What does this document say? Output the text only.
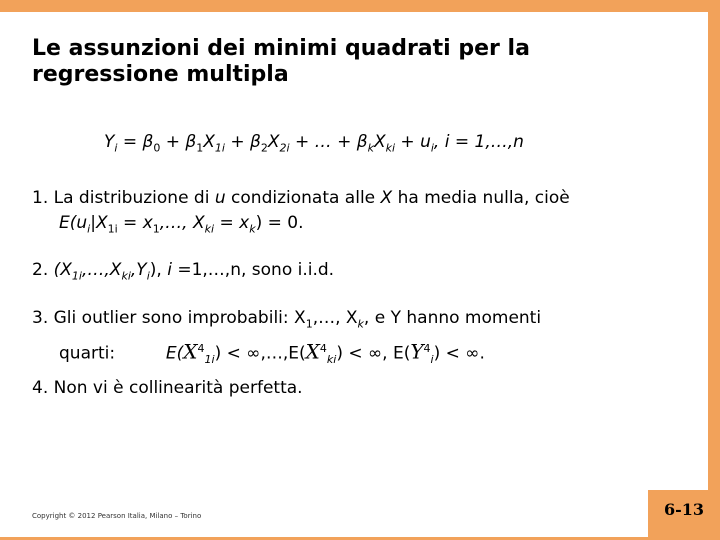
Le assunzioni dei minimi quadrati per la regressione multipla
$Y_i = \beta_0 + \beta_1X_{1i} + \beta_2X_{2i}$ + … + $\beta_kX_{ki} + u_i$, i = 1,…,n
1. La distribuzione di u condizionata alle X ha media nulla, cioè
$E(u_i|X_{1i}$ = $x_1,\dots$, $X_{ki} = x_k) = 0$.
2. $(X_{1i},\dots,X_{ki},Y_i)$, i =1,…,n, sono i.i.d.
3. Gli outlier sono improbabili: $X_1,\dots$, $X_k$, e Y hanno momenti
quarti:	$E(X^4_{1i})$ < $\infty,\dots,E(X^4_{ki})$ < ∞, $E(Y^4_i)$ < ∞.
4. Non vi è collinearità perfetta.
Copyright © 2012 Pearson Italia, Milano – Torino	6-13
